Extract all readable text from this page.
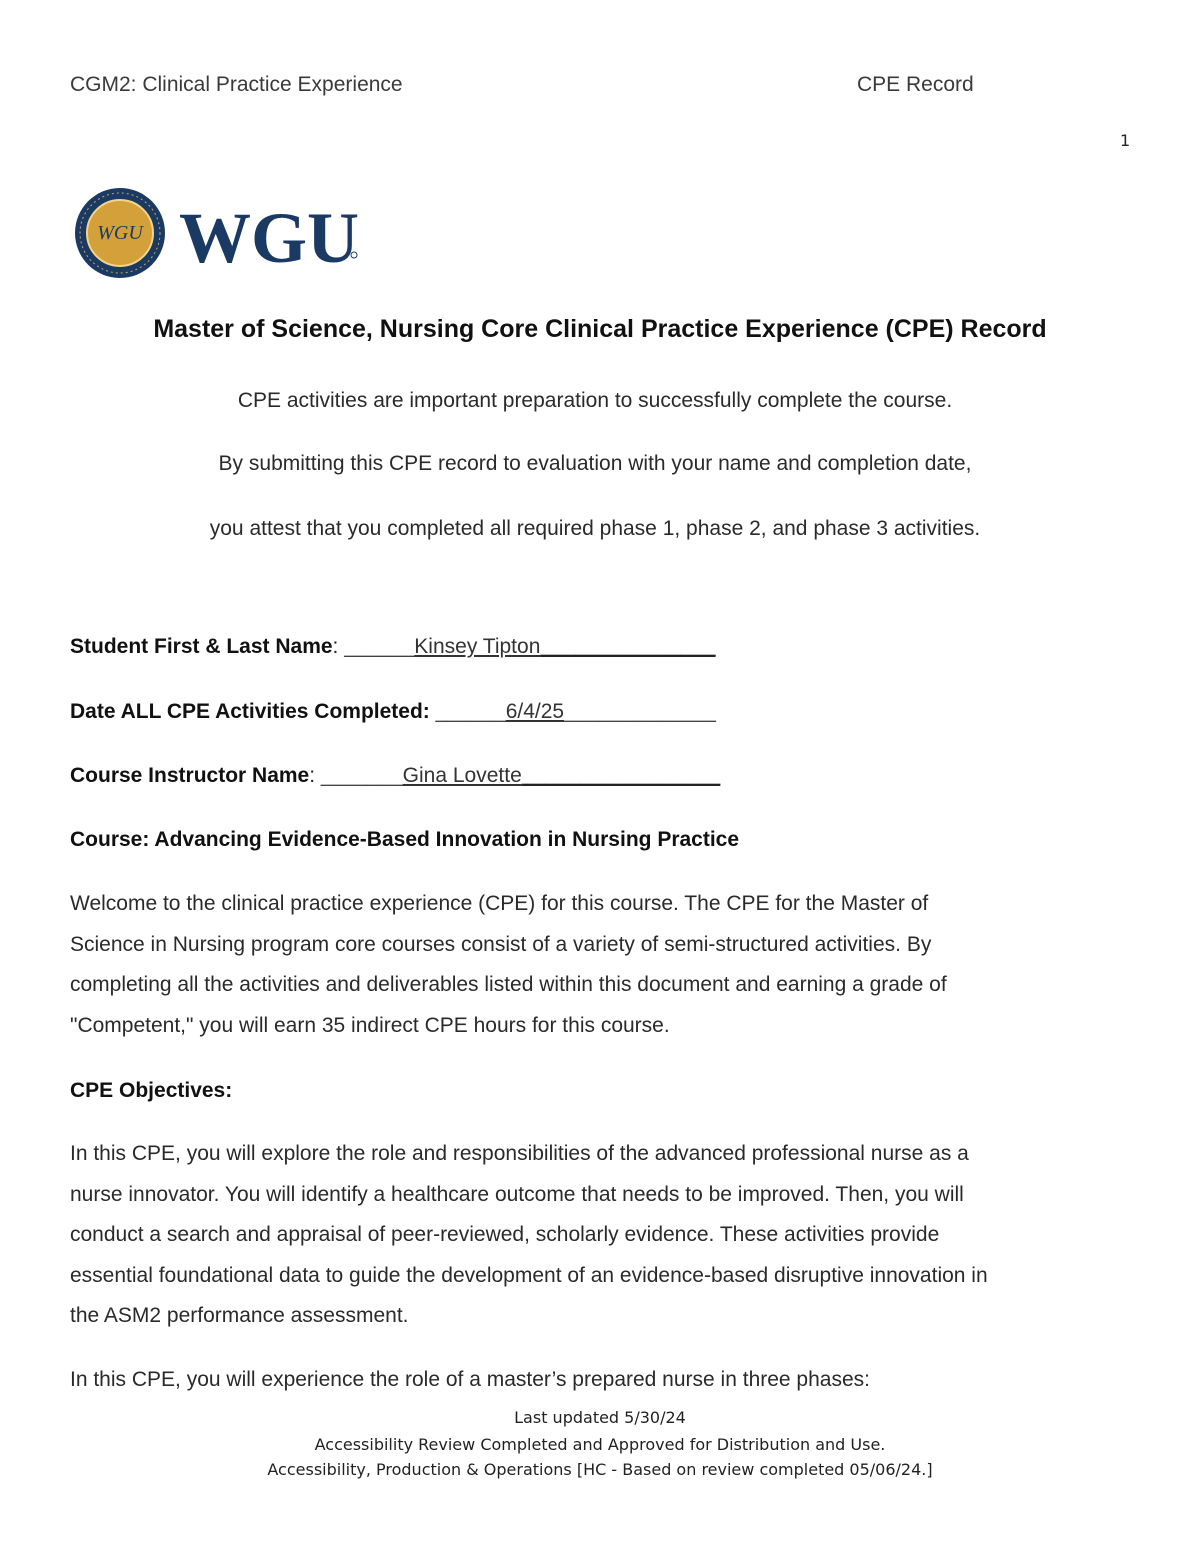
CGM2: Clinical Practice Experience	CPE Record
1
WGU WGU
Master of Science, Nursing Core Clinical Practice Experience (CPE) Record
CPE activities are important preparation to successfully complete the course.
By submitting this CPE record to evaluation with your name and completion date,
you attest that you completed all required phase 1, phase 2, and phase 3 activities.
Student First & Last Name: ______Kinsey Tipton_______________
Date ALL CPE Activities Completed: ______6/4/25_____________
Course Instructor Name: _______Gina Lovette_________________
Course: Advancing Evidence-Based Innovation in Nursing Practice

Welcome to the clinical practice experience (CPE) for this course. The CPE for the Master of

Science in Nursing program core courses consist of a variety of semi-structured activities. By

completing all the activities and deliverables listed within this document and earning a grade of

"Competent," you will earn 35 indirect CPE hours for this course.

CPE Objectives:

In this CPE, you will explore the role and responsibilities of the advanced professional nurse as a

nurse innovator. You will identify a healthcare outcome that needs to be improved. Then, you will

conduct a search and appraisal of peer-reviewed, scholarly evidence. These activities provide

essential foundational data to guide the development of an evidence-based disruptive innovation in

the ASM2 performance assessment.

In this CPE, you will experience the role of a master’s prepared nurse in three phases:
Last updated 5/30/24
Accessibility Review Completed and Approved for Distribution and Use.
Accessibility, Production & Operations [HC - Based on review completed 05/06/24.]
